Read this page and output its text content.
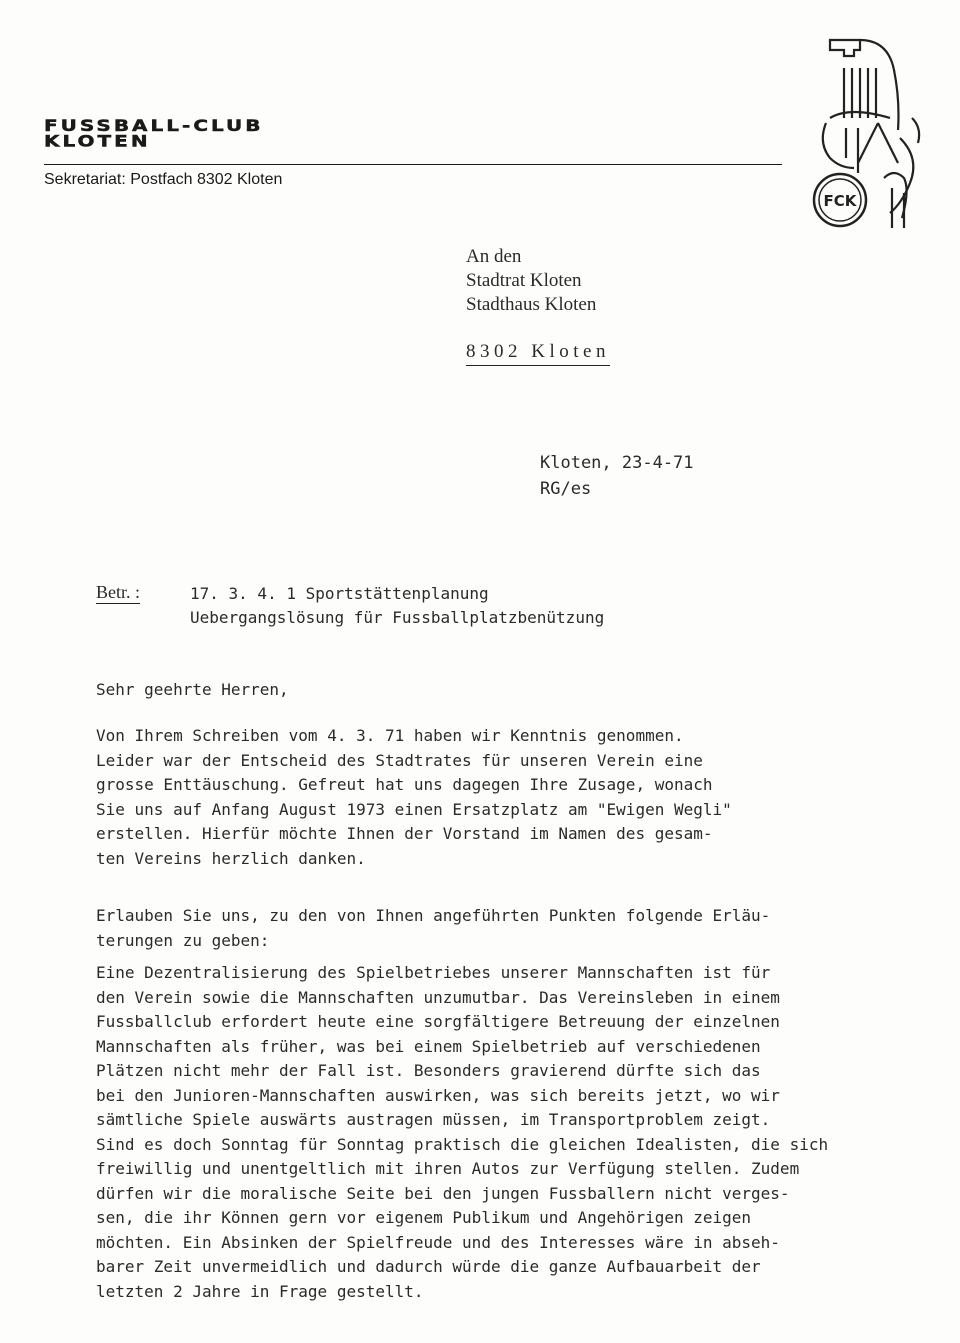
FUSSBALL-CLUB
KLOTEN
Sekretariat: Postfach 8302 Kloten
FCK
An den
Stadtrat Kloten
Stadthaus Kloten
8302 Kloten
Kloten, 23-4-71
RG/es
Betr. :	17. 3. 4. 1 Sportstättenplanung
Uebergangslösung für Fussballplatzbenützung
Sehr geehrte Herren,
Von Ihrem Schreiben vom 4. 3. 71 haben wir Kenntnis genommen.
Leider war der Entscheid des Stadtrates für unseren Verein eine
grosse Enttäuschung. Gefreut hat uns dagegen Ihre Zusage, wonach
Sie uns auf Anfang August 1973 einen Ersatzplatz am "Ewigen Wegli"
erstellen. Hierfür möchte Ihnen der Vorstand im Namen des gesam-
ten Vereins herzlich danken.
Erlauben Sie uns, zu den von Ihnen angeführten Punkten folgende Erläu-
terungen zu geben:
Eine Dezentralisierung des Spielbetriebes unserer Mannschaften ist für
den Verein sowie die Mannschaften unzumutbar. Das Vereinsleben in einem
Fussballclub erfordert heute eine sorgfältigere Betreuung der einzelnen
Mannschaften als früher, was bei einem Spielbetrieb auf verschiedenen
Plätzen nicht mehr der Fall ist. Besonders gravierend dürfte sich das
bei den Junioren-Mannschaften auswirken, was sich bereits jetzt, wo wir
sämtliche Spiele auswärts austragen müssen, im Transportproblem zeigt.
Sind es doch Sonntag für Sonntag praktisch die gleichen Idealisten, die sich
freiwillig und unentgeltlich mit ihren Autos zur Verfügung stellen. Zudem
dürfen wir die moralische Seite bei den jungen Fussballern nicht verges-
sen, die ihr Können gern vor eigenem Publikum und Angehörigen zeigen
möchten. Ein Absinken der Spielfreude und des Interesses wäre in abseh-
barer Zeit unvermeidlich und dadurch würde die ganze Aufbauarbeit der
letzten 2 Jahre in Frage gestellt.
